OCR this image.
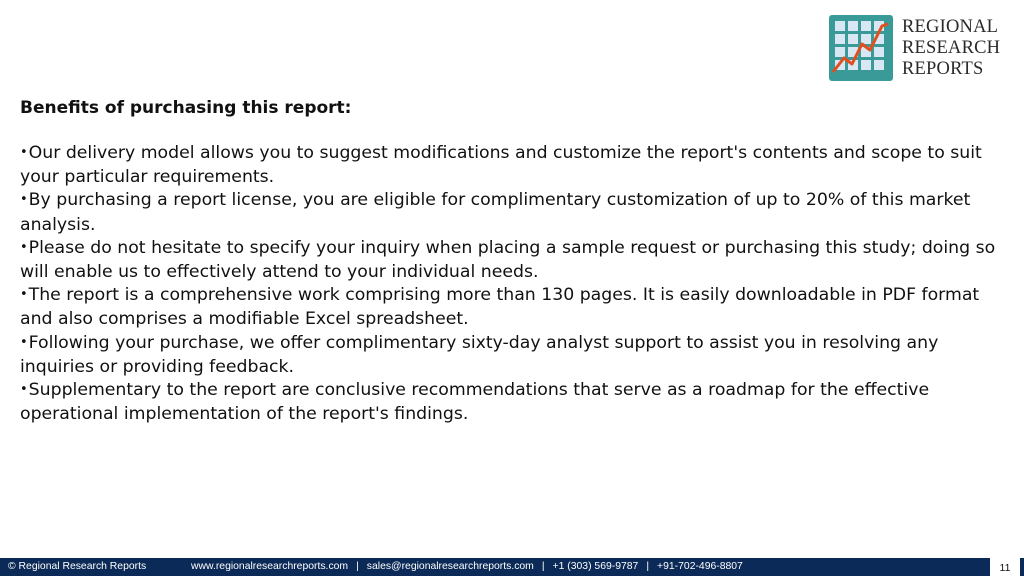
REGIONAL
RESEARCH
REPORTS
Benefits of purchasing this report:
•Our delivery model allows you to suggest modifications and customize the report's contents and scope to suit your particular requirements.
•By purchasing a report license, you are eligible for complimentary customization of up to 20% of this market analysis.
•Please do not hesitate to specify your inquiry when placing a sample request or purchasing this study; doing so will enable us to effectively attend to your individual needs.
•The report is a comprehensive work comprising more than 130 pages. It is easily downloadable in PDF format and also comprises a modifiable Excel spreadsheet.
•Following your purchase, we offer complimentary sixty-day analyst support to assist you in resolving any inquiries or providing feedback.
•Supplementary to the report are conclusive recommendations that serve as a roadmap for the effective operational implementation of the report's findings.
© Regional Research Reports	www.regionalresearchreports.com | sales@regionalresearchreports.com | +1 (303) 569-9787 | +91-702-496-8807	11
